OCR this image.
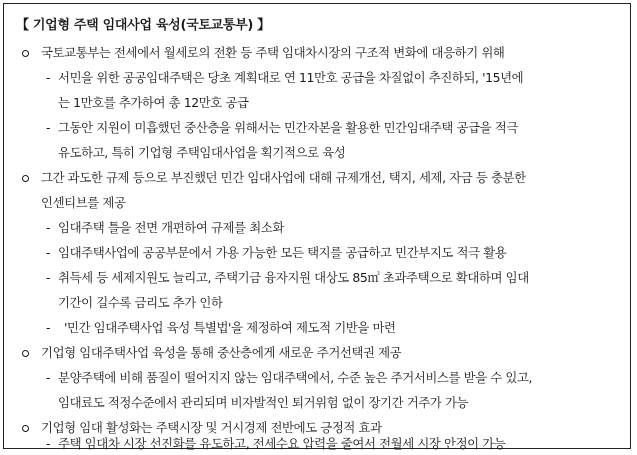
【 기업형 주택 임대사업 육성(국토교통부) 】
국토교통부는 전세에서 월세로의 전환 등 주택 임대차시장의 구조적 변화에 대응하기 위해
- 서민을 위한 공공임대주택은 당초 계획대로 연 11만호 공급을 차질없이 추진하되, '15년에
는 1만호를 추가하여 총 12만호 공급
- 그동안 지원이 미흡했던 중산층을 위해서는 민간자본을 활용한 민간임대주택 공급을 적극
유도하고, 특히 기업형 주택임대사업을 획기적으로 육성
그간 과도한 규제 등으로 부진했던 민간 임대사업에 대해 규제개선, 택지, 세제, 자금 등 충분한
인센티브를 제공
- 임대주택 틀을 전면 개편하여 규제를 최소화
- 임대주택사업에 공공부문에서 가용 가능한 모든 택지를 공급하고 민간부지도 적극 활용
- 취득세 등 세제지원도 늘리고, 주택기금 융자지원 대상도 85㎡ 초과주택으로 확대하며 임대
기간이 길수록 금리도 추가 인하
- '민간 임대주택사업 육성 특별법'을 제정하여 제도적 기반을 마련
기업형 임대주택사업 육성을 통해 중산층에게 새로운 주거선택권 제공
- 분양주택에 비해 품질이 떨어지지 않는 임대주택에서, 수준 높은 주거서비스를 받을 수 있고,
임대료도 적정수준에서 관리되며 비자발적인 퇴거위험 없이 장기간 거주가 가능
기업형 임대 활성화는 주택시장 및 거시경제 전반에도 긍정적 효과
- 주택 임대차 시장 선진화를 유도하고, 전세수요 압력을 줄여서 전월세 시장 안정이 가능
